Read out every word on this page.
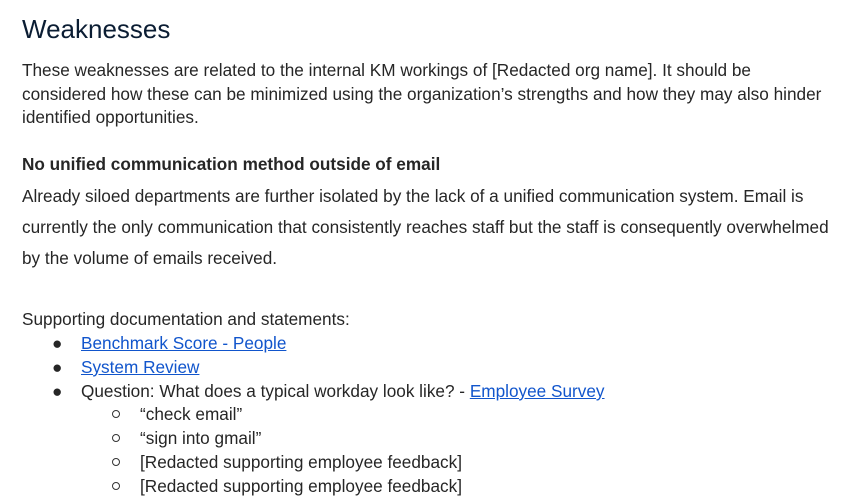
Weaknesses

These weaknesses are related to the internal KM workings of [Redacted org name]. It should be considered how these can be minimized using the organization’s strengths and how they may also hinder identified opportunities.

No unified communication method outside of email

Already siloed departments are further isolated by the lack of a unified communication system. Email is currently the only communication that consistently reaches staff but the staff is consequently overwhelmed by the volume of emails received.

Supporting documentation and statements:

● Benchmark Score - People
● System Review
● Question: What does a typical workday look like? - Employee Survey
“check email”
“sign into gmail”
[Redacted supporting employee feedback]
[Redacted supporting employee feedback]
